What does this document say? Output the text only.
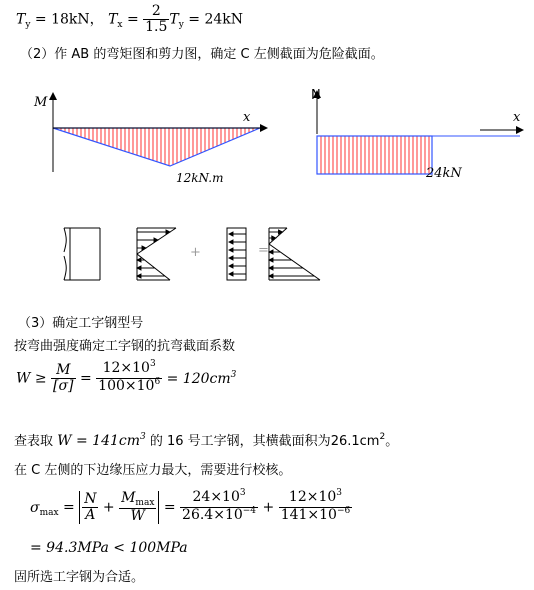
$T_y = 18kN$， $T_x = \frac{2}{1.5} T_y = 24kN$
（2）作 AB 的弯矩图和剪力图，确定 C 左侧截面为危险截面。
M
x
12kN.m
N
x
24kN
+	=
（3）确定工字钢型号
按弯曲强度确定工字钢的抗弯截面系数
$W \ge \frac{M}{[\sigma]} = \frac{12\times 10^3}{100\times 10^6} = 120cm^3$
查表取 $W = 141cm^3$ 的 16 号工字钢，其横截面积为$26.1cm^2$。
在 C 左侧的下边缘压应力最大，需要进行校核。
$\sigma_{max} = \frac{N}{A} + \frac{M_{max}}{W} = \frac{24\times 10^3}{26.4\times 10^{-4}} + \frac{12\times 10^3}{141\times 10^{-6}}$
= 94.3MPa < 100MPa
固所选工字钢为合适。
